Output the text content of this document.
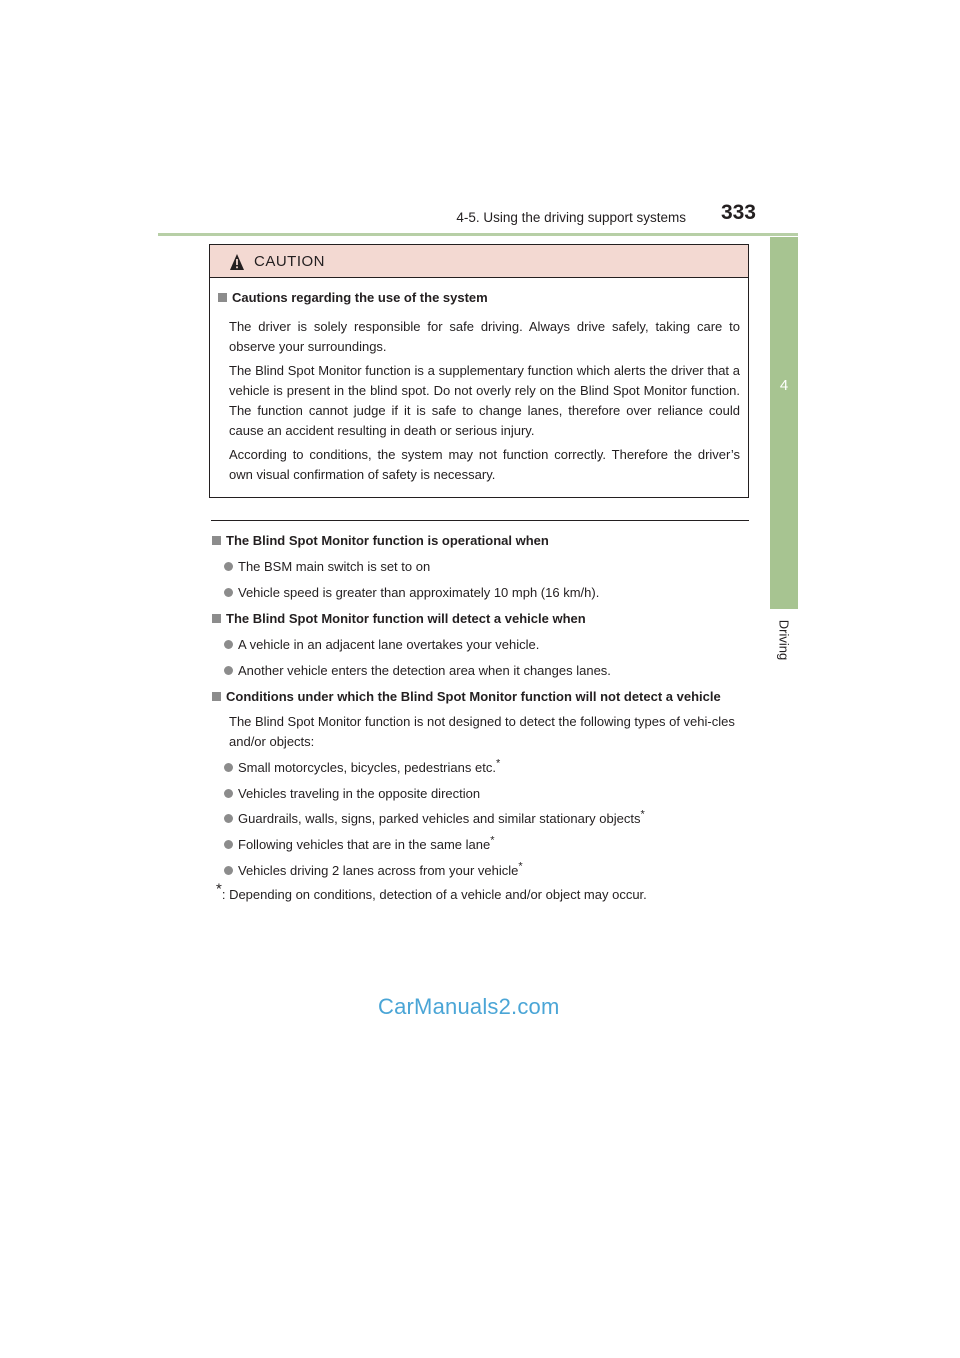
4-5. Using the driving support systems 333
4
Driving
CAUTION
Cautions regarding the use of the system
The driver is solely responsible for safe driving. Always drive safely, taking care to observe your surroundings.
The Blind Spot Monitor function is a supplementary function which alerts the driver that a vehicle is present in the blind spot. Do not overly rely on the Blind Spot Monitor function. The function cannot judge if it is safe to change lanes, therefore over reliance could cause an accident resulting in death or serious injury.
According to conditions, the system may not function correctly. Therefore the driver’s own visual confirmation of safety is necessary.
The Blind Spot Monitor function is operational when
The BSM main switch is set to on
Vehicle speed is greater than approximately 10 mph (16 km/h).
The Blind Spot Monitor function will detect a vehicle when
A vehicle in an adjacent lane overtakes your vehicle.
Another vehicle enters the detection area when it changes lanes.
Conditions under which the Blind Spot Monitor function will not detect a vehicle
The Blind Spot Monitor function is not designed to detect the following types of vehi-cles and/or objects:
Small motorcycles, bicycles, pedestrians etc.*
Vehicles traveling in the opposite direction
Guardrails, walls, signs, parked vehicles and similar stationary objects*
Following vehicles that are in the same lane*
Vehicles driving 2 lanes across from your vehicle*
*: Depending on conditions, detection of a vehicle and/or object may occur.
CarManuals2.com
